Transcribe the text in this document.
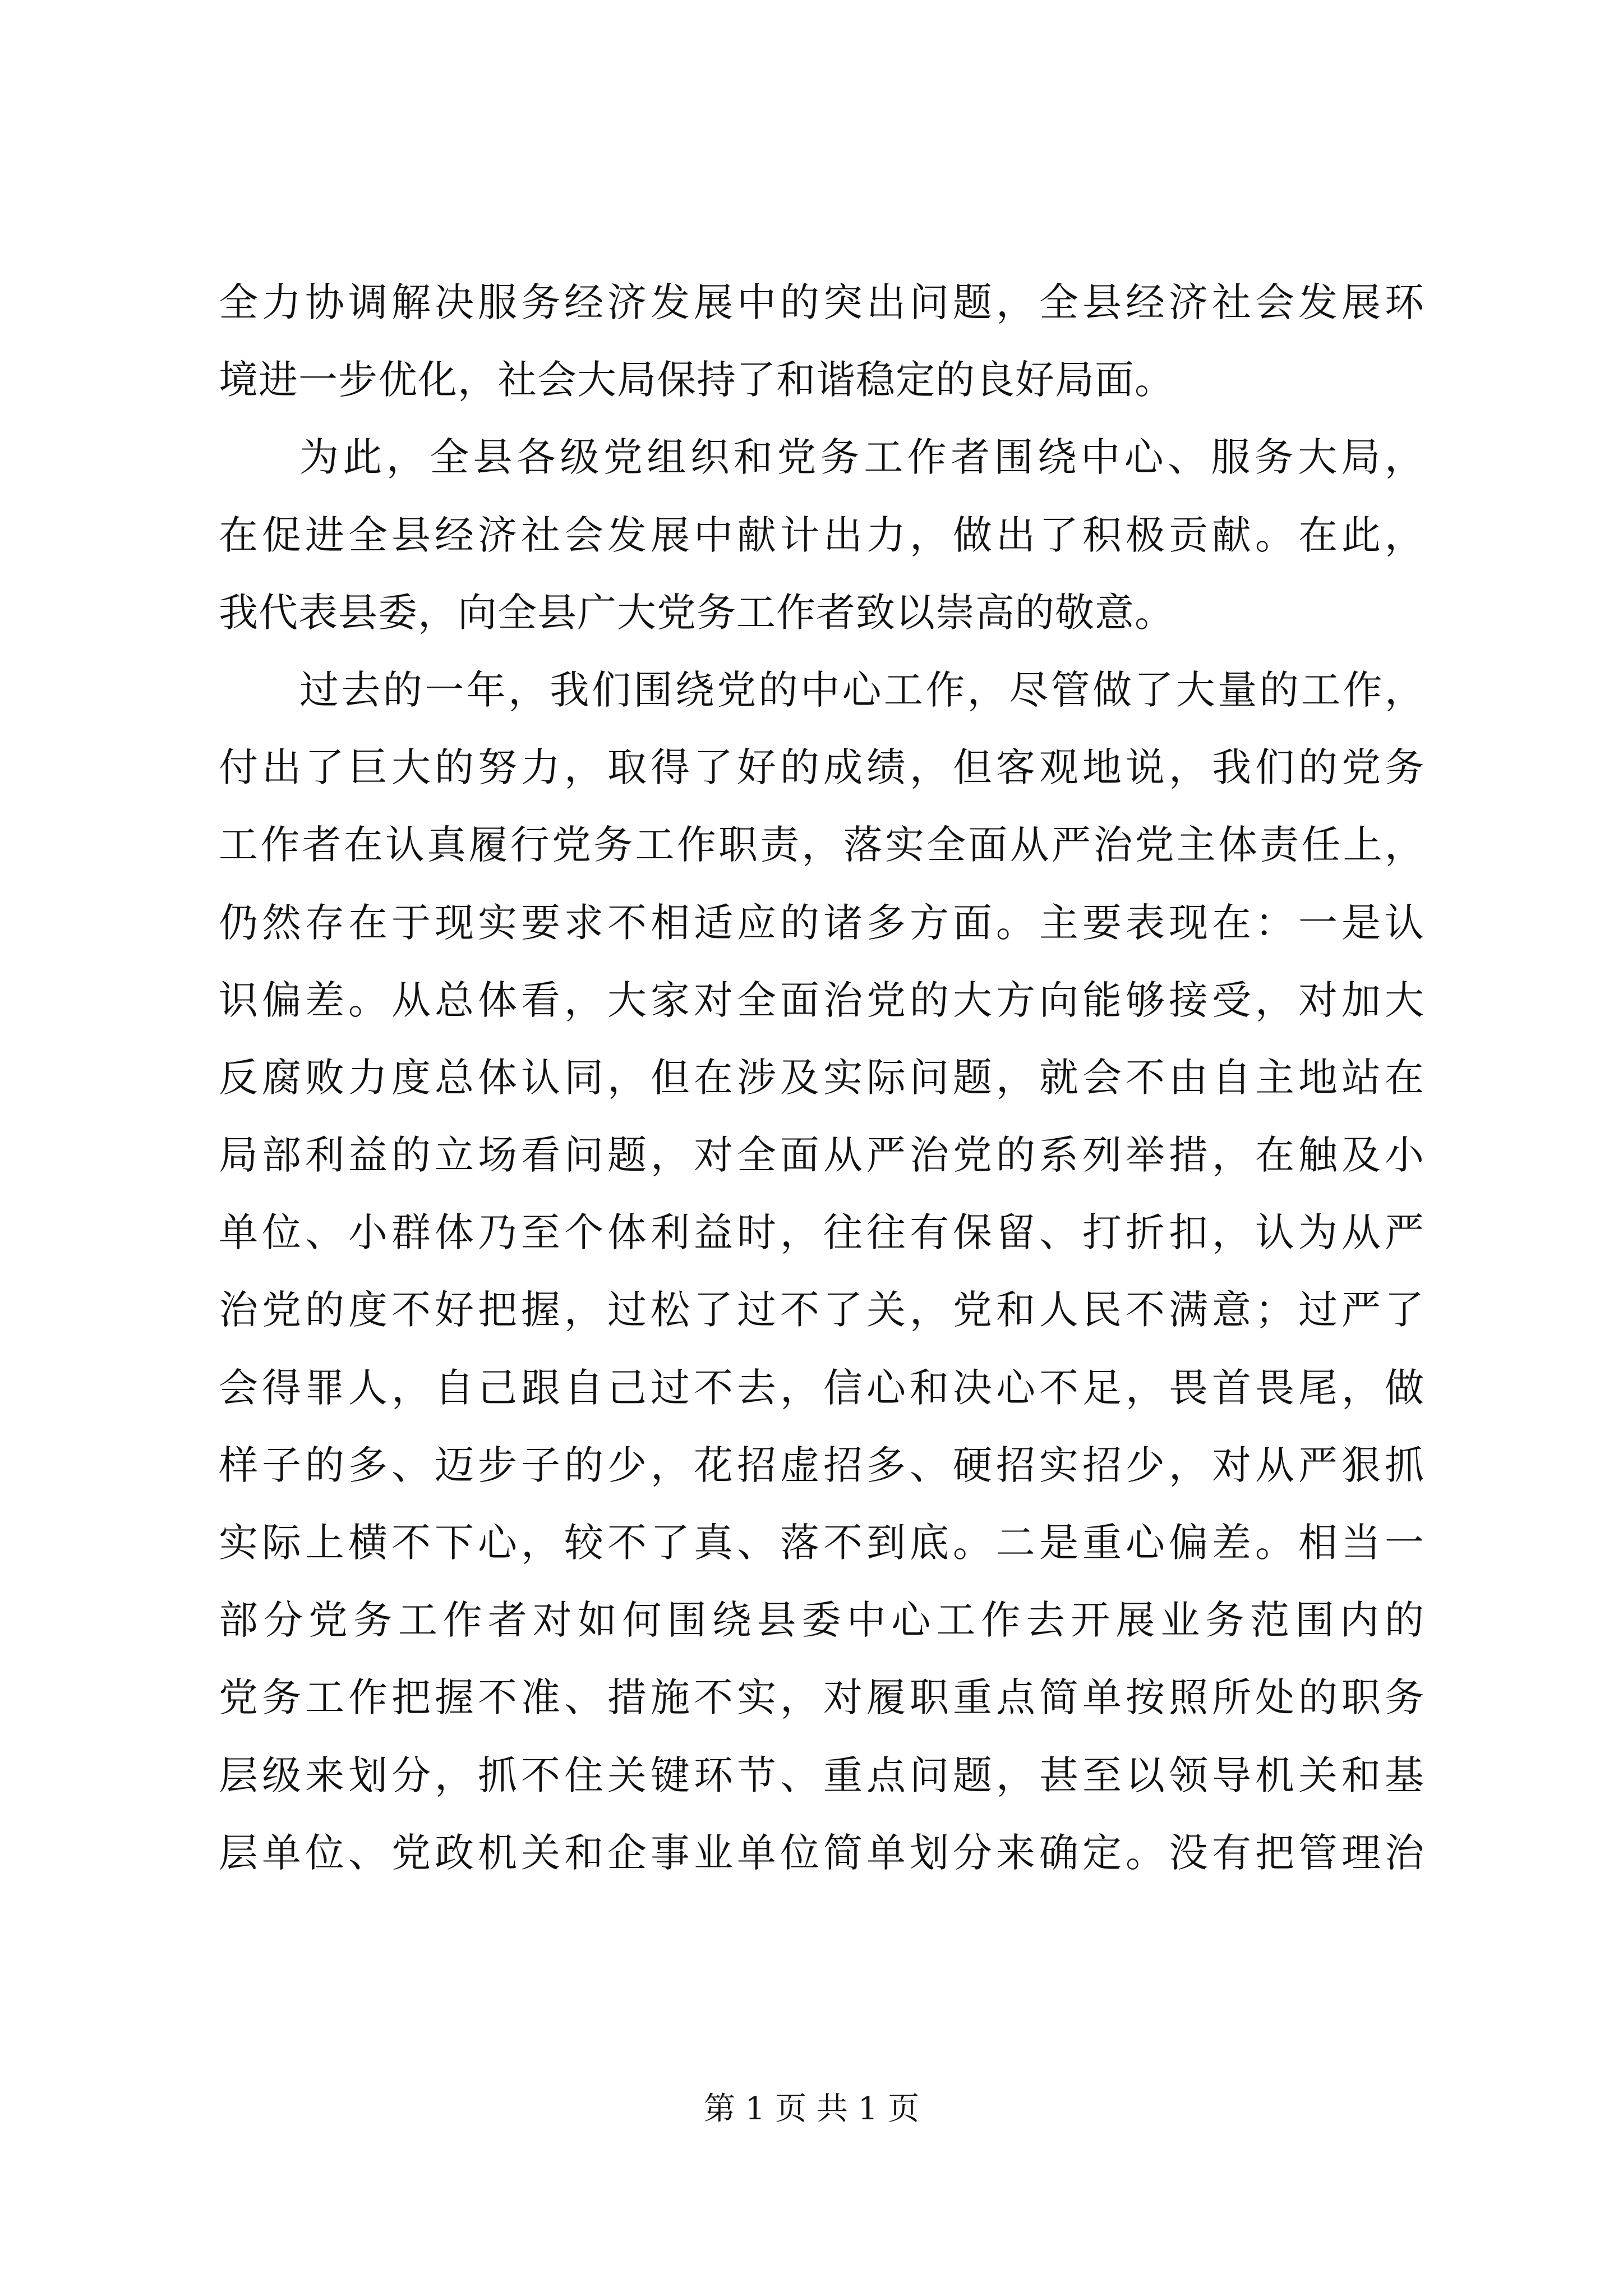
全力协调解决服务经济发展中的突出问题，全县经济社会发展环
境进一步优化，社会大局保持了和谐稳定的良好局面。
为此，全县各级党组织和党务工作者围绕中心、服务大局，
在促进全县经济社会发展中献计出力，做出了积极贡献。在此，
我代表县委，向全县广大党务工作者致以崇高的敬意。
过去的一年，我们围绕党的中心工作，尽管做了大量的工作，
付出了巨大的努力，取得了好的成绩，但客观地说，我们的党务
工作者在认真履行党务工作职责，落实全面从严治党主体责任上，
仍然存在于现实要求不相适应的诸多方面。主要表现在：一是认
识偏差。从总体看，大家对全面治党的大方向能够接受，对加大
反腐败力度总体认同，但在涉及实际问题，就会不由自主地站在
局部利益的立场看问题，对全面从严治党的系列举措，在触及小
单位、小群体乃至个体利益时，往往有保留、打折扣，认为从严
治党的度不好把握，过松了过不了关，党和人民不满意；过严了
会得罪人，自己跟自己过不去，信心和决心不足，畏首畏尾，做
样子的多、迈步子的少，花招虚招多、硬招实招少，对从严狠抓
实际上横不下心，较不了真、落不到底。二是重心偏差。相当一
部分党务工作者对如何围绕县委中心工作去开展业务范围内的
党务工作把握不准、措施不实，对履职重点简单按照所处的职务
层级来划分，抓不住关键环节、重点问题，甚至以领导机关和基
层单位、党政机关和企事业单位简单划分来确定。没有把管理治
第 1 页 共 1 页
